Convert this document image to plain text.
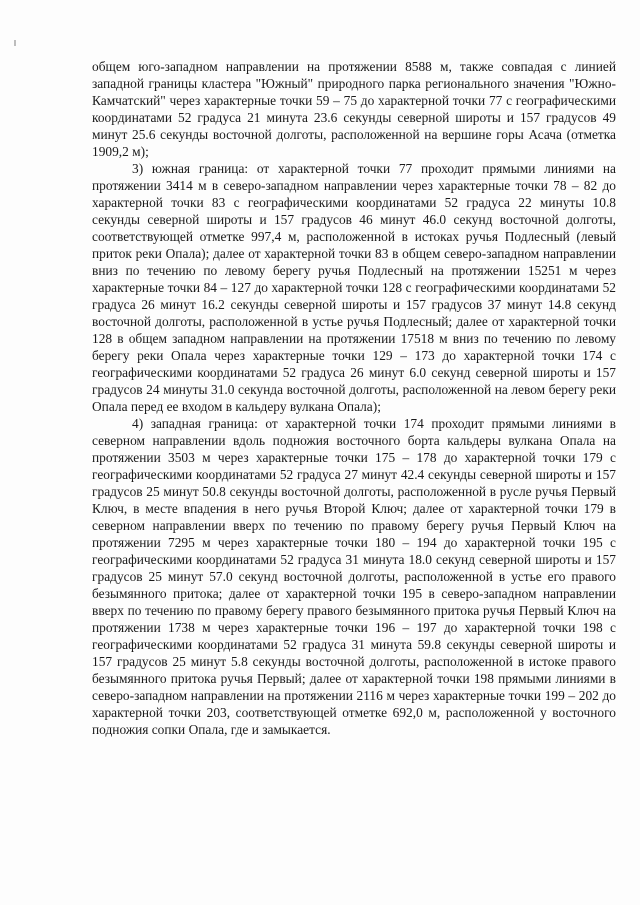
общем юго-западном направлении на протяжении 8588 м, также совпадая с линией западной границы кластера "Южный" природного парка регионального значения "Южно-Камчатский" через характерные точки 59 – 75 до характерной точки 77 с географическими координатами 52 градуса 21 минута 23.6 секунды северной широты и 157 градусов 49 минут 25.6 секунды восточной долготы, расположенной на вершине горы Асача (отметка 1909,2 м);

3) южная граница: от характерной точки 77 проходит прямыми линиями на протяжении 3414 м в северо-западном направлении через характерные точки 78 – 82 до характерной точки 83 с географическими координатами 52 градуса 22 минуты 10.8 секунды северной широты и 157 градусов 46 минут 46.0 секунд восточной долготы, соответствующей отметке 997,4 м, расположенной в истоках ручья Подлесный (левый приток реки Опала); далее от характерной точки 83 в общем северо-западном направлении вниз по течению по левому берегу ручья Подлесный на протяжении 15251 м через характерные точки 84 – 127 до характерной точки 128 с географическими координатами 52 градуса 26 минут 16.2 секунды северной широты и 157 градусов 37 минут 14.8 секунд восточной долготы, расположенной в устье ручья Подлесный; далее от характерной точки 128 в общем западном направлении на протяжении 17518 м вниз по течению по левому берегу реки Опала через характерные точки 129 – 173 до характерной точки 174 с географическими координатами 52 градуса 26 минут 6.0 секунд северной широты и 157 градусов 24 минуты 31.0 секунда восточной долготы, расположенной на левом берегу реки Опала перед ее входом в кальдеру вулкана Опала);

4) западная граница: от характерной точки 174 проходит прямыми линиями в северном направлении вдоль подножия восточного борта кальдеры вулкана Опала на протяжении 3503 м через характерные точки 175 – 178 до характерной точки 179 с географическими координатами 52 градуса 27 минут 42.4 секунды северной широты и 157 градусов 25 минут 50.8 секунды восточной долготы, расположенной в русле ручья Первый Ключ, в месте впадения в него ручья Второй Ключ; далее от характерной точки 179 в северном направлении вверх по течению по правому берегу ручья Первый Ключ на протяжении 7295 м через характерные точки 180 – 194 до характерной точки 195 с географическими координатами 52 градуса 31 минута 18.0 секунд северной широты и 157 градусов 25 минут 57.0 секунд восточной долготы, расположенной в устье его правого безымянного притока; далее от характерной точки 195 в северо-западном направлении вверх по течению по правому берегу правого безымянного притока ручья Первый Ключ на протяжении 1738 м через характерные точки 196 – 197 до характерной точки 198 с географическими координатами 52 градуса 31 минута 59.8 секунды северной широты и 157 градусов 25 минут 5.8 секунды восточной долготы, расположенной в истоке правого безымянного притока ручья Первый; далее от характерной точки 198 прямыми линиями в северо-западном направлении на протяжении 2116 м через характерные точки 199 – 202 до характерной точки 203, соответствующей отметке 692,0 м, расположенной у восточного подножия сопки Опала, где и замыкается.
